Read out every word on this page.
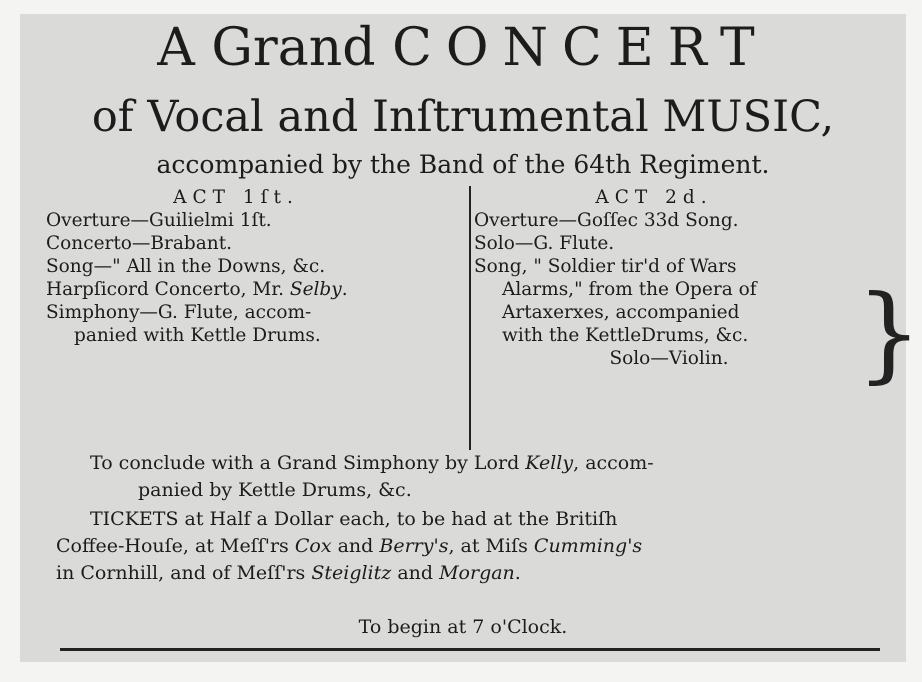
A Grand CONCERT
of Vocal and Inſtrumental MUSIC,
accompanied by the Band of the 64th Regiment.
ACT 1ſt.
Overture—Guilielmi 1ſt.
Concerto—Brabant.
Song—" All in the Downs, &c.
Harpſicord Concerto, Mr. Selby.
Simphony—G. Flute, accom-
panied with Kettle Drums.
ACT 2d.
Overture—Goſſec 33d Song.
Solo—G. Flute.
Song, " Soldier tir'd of Wars
Alarms," from the Opera of
Artaxerxes, accompanied
with the KettleDrums, &c.
Solo—Violin.	}
To conclude with a Grand Simphony by Lord Kelly, accom-
panied by Kettle Drums, &c.
TICKETS at Half a Dollar each, to be had at the Britiſh
Coffee-Houſe, at Meſſ'rs Cox and Berry's, at Miſs Cumming's
in Cornhill, and of Meſſ'rs Steiglitz and Morgan.
To begin at 7 o'Clock.
